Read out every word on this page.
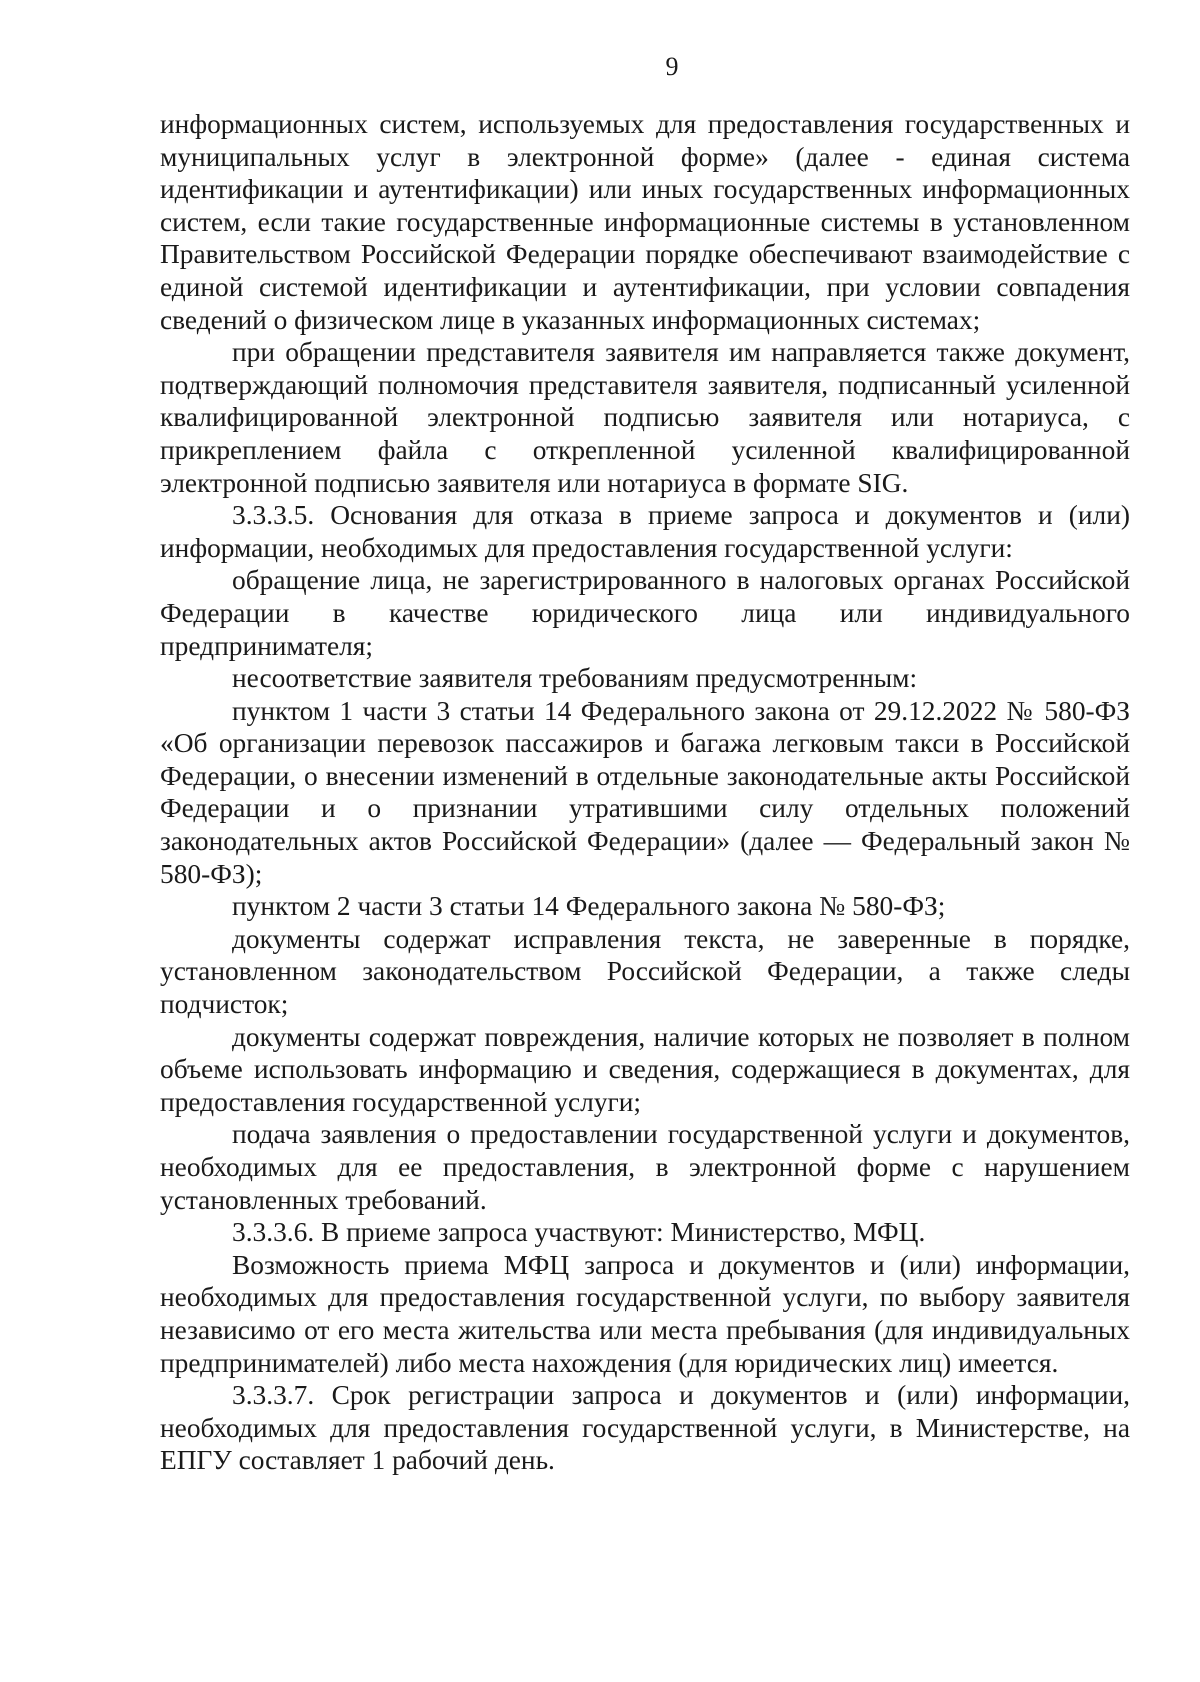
9

информационных систем, используемых для предоставления государственных и муниципальных услуг в электронной форме» (далее - единая система идентификации и аутентификации) или иных государственных информационных систем, если такие государственные информационные системы в установленном Правительством Российской Федерации порядке обеспечивают взаимодействие с единой системой идентификации и аутентификации, при условии совпадения сведений о физическом лице в указанных информационных системах;

при обращении представителя заявителя им направляется также документ, подтверждающий полномочия представителя заявителя, подписанный усиленной квалифицированной электронной подписью заявителя или нотариуса, с прикреплением файла с открепленной усиленной квалифицированной электронной подписью заявителя или нотариуса в формате SIG.

3.3.3.5. Основания для отказа в приеме запроса и документов и (или) информации, необходимых для предоставления государственной услуги:

обращение лица, не зарегистрированного в налоговых органах Российской Федерации в качестве юридического лица или индивидуального предпринимателя;

несоответствие заявителя требованиям предусмотренным:

пунктом 1 части 3 статьи 14 Федерального закона от 29.12.2022 № 580-ФЗ «Об организации перевозок пассажиров и багажа легковым такси в Российской Федерации, о внесении изменений в отдельные законодательные акты Российской Федерации и о признании утратившими силу отдельных положений законодательных актов Российской Федерации» (далее — Федеральный закон № 580-ФЗ);

пунктом 2 части 3 статьи 14 Федерального закона № 580-ФЗ;

документы содержат исправления текста, не заверенные в порядке, установленном законодательством Российской Федерации, а также следы подчисток;

документы содержат повреждения, наличие которых не позволяет в полном объеме использовать информацию и сведения, содержащиеся в документах, для предоставления государственной услуги;

подача заявления о предоставлении государственной услуги и документов, необходимых для ее предоставления, в электронной форме с нарушением установленных требований.

3.3.3.6. В приеме запроса участвуют: Министерство, МФЦ.

Возможность приема МФЦ запроса и документов и (или) информации, необходимых для предоставления государственной услуги, по выбору заявителя независимо от его места жительства или места пребывания (для индивидуальных предпринимателей) либо места нахождения (для юридических лиц) имеется.

3.3.3.7. Срок регистрации запроса и документов и (или) информации, необходимых для предоставления государственной услуги, в Министерстве, на ЕПГУ составляет 1 рабочий день.
